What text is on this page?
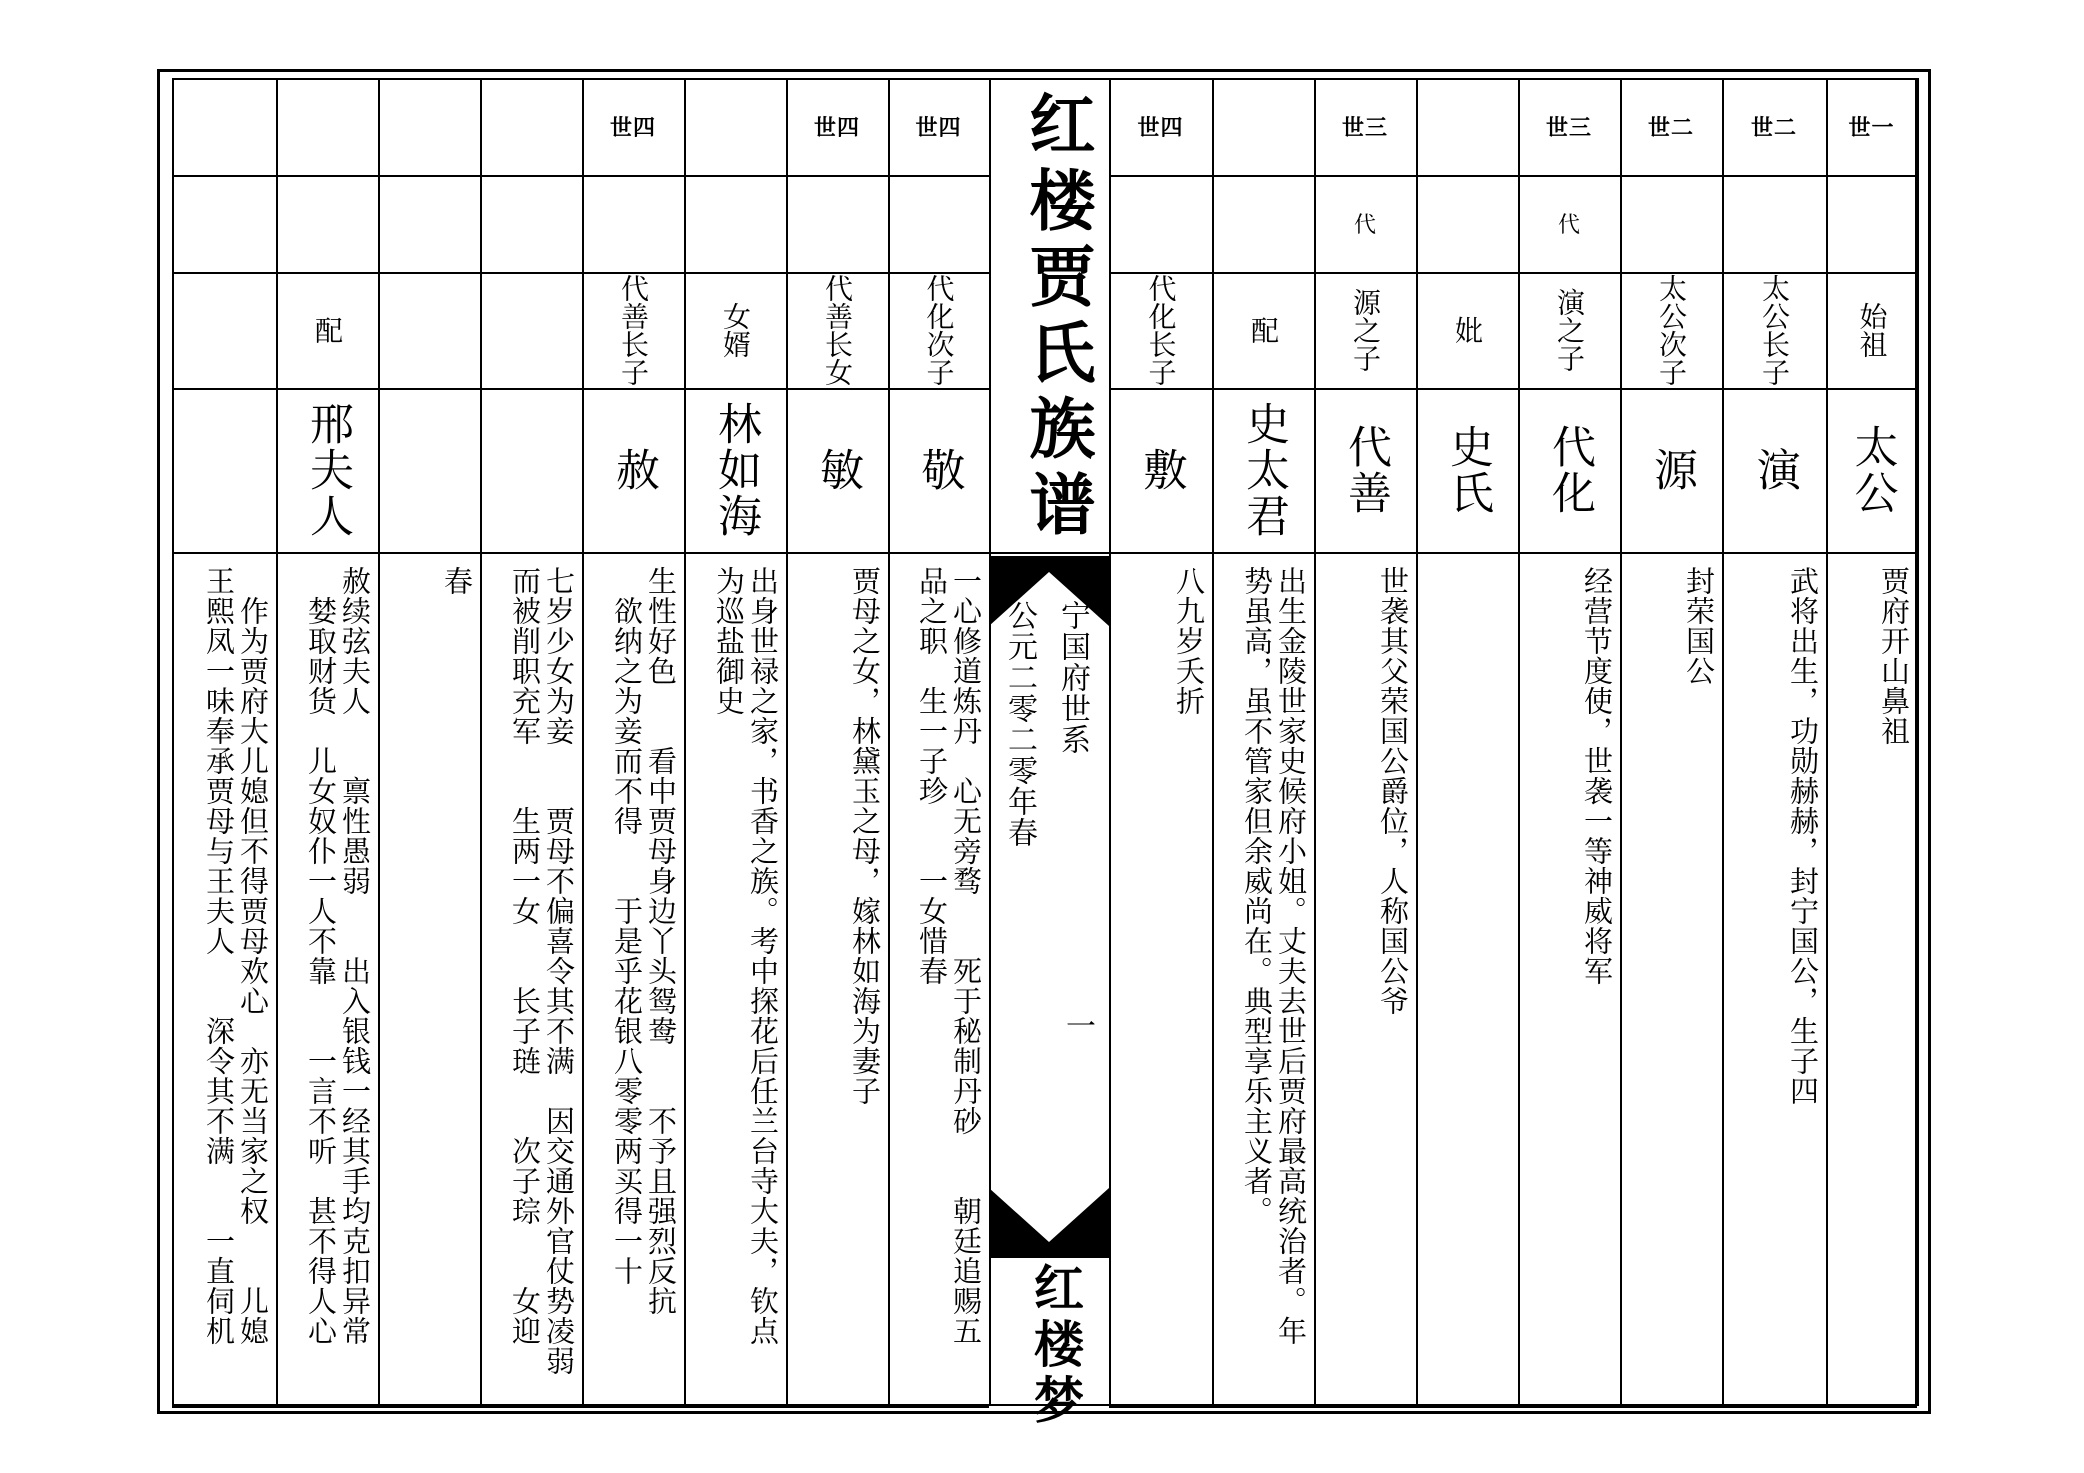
世一
始祖
太公
贾府开山鼻祖
世二
太公长子
演
武将出生，功勋赫赫，封宁国公，生子四
世二
太公次子
源
封荣国公
世三
代
演之子
代化
经营节度使，世袭一等神威将军
妣
史氏
世三
代
源之子
代善
世袭其父荣国公爵位，人称国公爷
配
史太君
出生金陵世家史候府小姐。丈夫去世后贾府最高统治者。年
势虽高，虽不管家但余威尚在。典型享乐主义者。
世四
代化长子
敷
八九岁夭折
世四
代化次子
敬
一心修道炼丹　心无旁骛　　死于秘制丹砂　　朝廷追赐五
品之职　生一子珍　　一女惜春
世四
代善长女
敏
贾母之女，林黛玉之母，嫁林如海为妻子
女婿
林如海
出身世禄之家，书香之族。考中探花后任兰台寺大夫，钦点
为巡盐御史
世四
代善长子
赦
生性好色　　看中贾母身边丫头鸳鸯　　不予且强烈反抗
　欲纳之为妾而不得　　于是乎花银八零零两买得一十
七岁少女为妾　　贾母不偏喜令其不满　因交通外官仗势凌弱
而被削职充军　　生两一女　　长子琏　　次子琮　　女迎
春
配
邢夫人
赦续弦夫人　　禀性愚弱　　出入银钱一经其手均克扣异常
　婪取财货　儿女奴仆一人不靠　　一言不听　甚不得人心
　作为贾府大儿媳但不得贾母欢心　亦无当家之权　　儿媳
王熙凤一味奉承贾母与王夫人　　深令其不满　　一直伺机
红楼贾氏族谱
宁国府世系
公元二零二零年春
一
红楼梦
